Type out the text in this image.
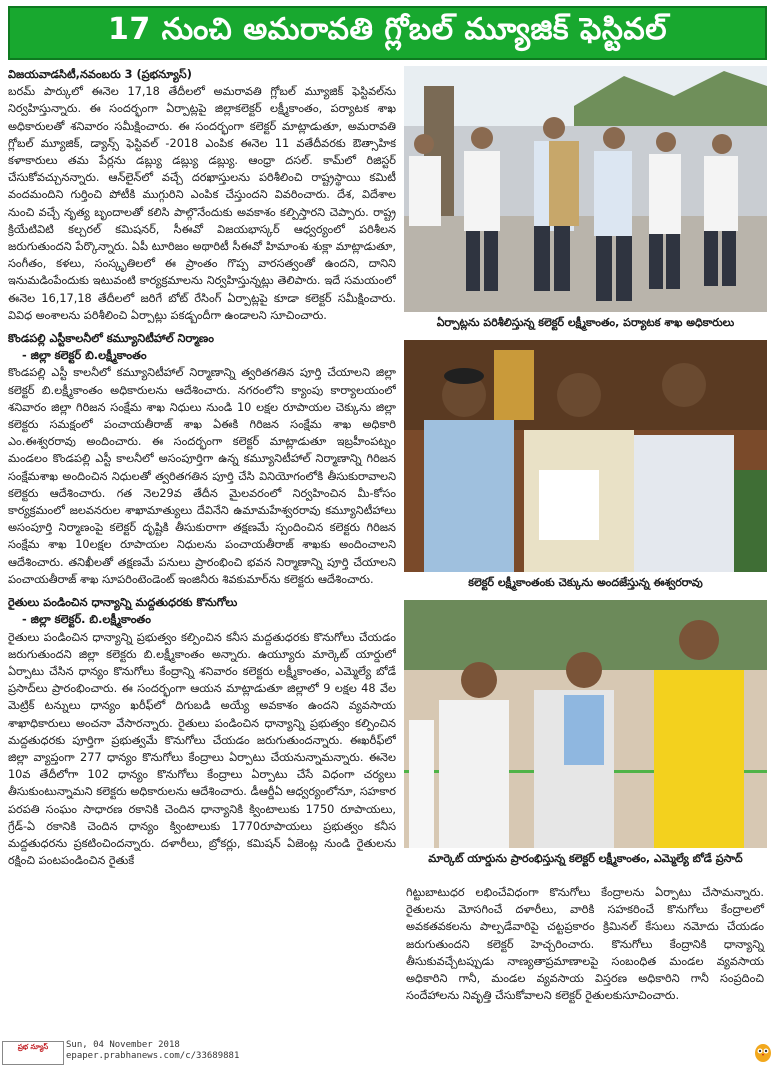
17 నుంచి అమరావతి గ్లోబల్ మ్యూజిక్ ఫెస్టివల్

విజయవాడసిటీ,నవంబరు 3 (ప్రభన్యూస్)

బరమ్ పార్కులో ఈనెల 17,18 తేదీలలో అమరావతి గ్లోబల్ మ్యూజిక్ ఫెస్టివల్‌ను నిర్వహిస్తున్నారు. ఈ సందర్భంగా ఏర్పాట్లపై జిల్లాకలెక్టర్ లక్ష్మీకాంతం, పర్యాటక శాఖ అధికారులతో శనివారం సమీక్షించారు. ఈ సందర్భంగా కలెక్టర్ మాట్లాడుతూ, అమరావతి గ్లోబల్ మ్యూజిక్, డ్యాన్స్ ఫెస్టివల్ -2018 ఎంపిక ఈనెల 11 వతేదీవరకు ఔత్సాహిక కళాకారులు తమ పేర్లను డబ్ల్యు డబ్ల్యు డబ్ల్యు. ఆంధ్రా దసల్. కామ్‌లో రిజిస్టర్ చేసుకోవచ్చునన్నారు. ఆన్‌లైన్‌లో వచ్చే దరఖాస్తులను పరిశీలించి రాష్ట్రస్థాయి కమిటీ వందమందిని గుర్తించి పోటీకి ముగ్గురిని ఎంపిక చేస్తుందని వివరించారు. దేశ, విదేశాల నుంచి వచ్చే నృత్య బృందాలతో కలిసి పాల్గొనేందుకు అవకాశం కల్పిస్తారని చెప్పారు. రాష్ట్ర క్రియేటివిటి కల్చరల్ కమిషనర్, సీఈవో విజయభాస్కర్ ఆధ్వర్యంలో పరిశీలన జరుగుతుందని పేర్కొన్నారు. ఏపీ టూరిజం అథారిటీ సీఈవో హిమాంశు శుక్లా మాట్లాడుతూ, సంగీతం, కళలు, సంస్కృతిలలో ఈ ప్రాంతం గొప్ప వారసత్వంతో ఉందని, దానిని ఇనుమడింపేందుకు ఇటువంటి కార్యక్రమాలను నిర్వహిస్తున్నట్లు తెలిపారు. ఇదే సమయంలో ఈనెల 16,17,18 తేదీలలో జరిగే బోట్ రేసింగ్ ఏర్పాట్లపై కూడా కలెక్టర్ సమీక్షించారు. వివిధ అంశాలను పరిశీలించి ఏర్పాట్లు పకడ్బందీగా ఉండాలని సూచించారు.

కొండపల్లి ఎస్టీకాలనీలో కమ్యూనిటీహాల్ నిర్మాణం

- జిల్లా కలెక్టర్ బి.లక్ష్మీకాంతం

కొండపల్లి ఎస్టీ కాలనీలో కమ్యూనిటీహాల్ నిర్మాణాన్ని త్వరితగతిన పూర్తి చేయాలని జిల్లా కలెక్టర్ బి.లక్ష్మీకాంతం అధికారులను ఆదేశించారు. నగరంలోని క్యాంపు కార్యాలయంలో శనివారం జిల్లా గిరిజన సంక్షేమ శాఖ నిధులు నుండి 10 లక్షల రూపాయల చెక్కును జిల్లా కలెక్టరు సమక్షంలో పంచాయతీరాజ్ శాఖ ఏఈకి గిరిజన సంక్షేమ శాఖ అధికారి ఎం.ఈశ్వరరావు అందించారు. ఈ సందర్భంగా కలెక్టర్ మాట్లాడుతూ ఇబ్రహీంపట్నం మండలం కొండపల్లి ఎస్టీ కాలనీలో అసంపూర్తిగా ఉన్న కమ్యూనిటీహాల్ నిర్మాణాన్ని గిరిజన సంక్షేమశాఖ అందించిన నిధులతో త్వరితగతిన పూర్తి చేసి వినియోగంలోకి తీసుకురావాలని కలెక్టరు ఆదేశించారు. గత నెల29వ తేదీన మైలవరంలో నిర్వహించిన మీ-కోసం కార్యక్రమంలో జలవనరుల శాఖామాత్యులు దేవినేని ఉమామహేశ్వరరావు కమ్యూనిటీహాలు అసంపూర్తి నిర్మాణంపై కలెక్టర్ దృష్టికి తీసుకురాగా తక్షణమే స్పందించిన కలెక్టరు గిరిజన సంక్షేమ శాఖ 10లక్షల రూపాయల నిధులను పంచాయతీరాజ్ శాఖకు అందించాలని ఆదేశించారు. తనిఖీలతో తక్షణమే పనులు ప్రారంభించి భవన నిర్మాణాన్ని పూర్తి చేయాలని పంచాయతీరాజ్ శాఖ సూపరింటెండెంట్ ఇంజినీరు శివకుమార్‌ను కలెక్టరు ఆదేశించారు.

రైతులు పండించిన ధాన్యాన్ని మద్దతుధరకు కొనుగోలు

- జిల్లా కలెక్టర్. బి.లక్ష్మీకాంతం

రైతులు పండించిన ధాన్యాన్ని ప్రభుత్వం కల్పించిన కనీస మద్దతుధరకు కొనుగోలు చేయడం జరుగుతుందని జిల్లా కలెక్టరు బి.లక్ష్మీకాంతం అన్నారు. ఉయ్యూరు మార్కెట్ యార్డులో ఏర్పాటు చేసిన ధాన్యం కొనుగోలు కేంద్రాన్ని శనివారం కలెక్టరు లక్ష్మీకాంతం, ఎమ్మెల్యే బోడే ప్రసాద్‌లు ప్రారంభించారు. ఈ సందర్భంగా ఆయన మాట్లాడుతూ జిల్లాలో 9 లక్షల 48 వేల మెట్రిక్ టన్నులు ధాన్యం ఖరీఫ్‌లో దిగుబడి అయ్యే అవకాశం ఉందని వ్యవసాయ శాఖాధికారులు అంచనా వేసారన్నారు. రైతులు పండించిన ధాన్యాన్ని ప్రభుత్వం కల్పించిన మద్దతుధరకు పూర్తిగా ప్రభుత్వమే కొనుగోలు చేయడం జరుగుతుందన్నారు. ఈఖరీఫ్‌లో జిల్లా వ్యాప్తంగా 277 ధాన్యం కొనుగోలు కేంద్రాలు ఏర్పాటు చేయనున్నామన్నారు. ఈనెల 10వ తేదీలోగా 102 ధాన్యం కొనుగోలు కేంద్రాలు ఏర్పాటు చేసే విధంగా చర్యలు తీసుకుంటున్నామని కలెక్టరు అధికారులను ఆదేశించారు. డీఆర్డీఏ ఆధ్వర్యంలోనూ, సహకార పరపతి సంఘం సాధారణ రకానికి చెందిన ధాన్యానికి క్వింటాలుకు 1750 రూపాయలు, గ్రేడ్-ఏ రకానికి చెందిన ధాన్యం క్వింటాలుకు 1770రూపాయలు ప్రభుత్వం కనీస మద్దతుధరను ప్రకటించిందన్నారు. దళారీలు, బ్రోకర్లు, కమిషన్ ఏజెంట్ల నుండి రైతులను రక్షించి పంటపండించిన రైతుకే

ఏర్పాట్లను పరిశీలిస్తున్న కలెక్టర్ లక్ష్మీకాంతం, పర్యాటక శాఖ అధికారులు
కలెక్టర్ లక్ష్మీకాంతంకు చెక్కును అందజేస్తున్న ఈశ్వరరావు
మార్కెట్ యార్డును ప్రారంభిస్తున్న కలెక్టర్ లక్ష్మీకాంతం, ఎమ్మెల్యే బోడే ప్రసాద్
గిట్టుబాటుధర లభించేవిధంగా కొనుగోలు కేంద్రాలను ఏర్పాటు చేసామన్నారు. రైతులను మోసగించే దళారీలు, వారికి సహకరించే కొనుగోలు కేంద్రాలలో అవకతవకలను పాల్పడేవారిపై చట్టప్రకారం క్రిమినల్ కేసులు నమోదు చేయడం జరుగుతుందని కలెక్టర్ హెచ్చరించారు. కొనుగోలు కేంద్రానికి ధాన్యాన్ని తీసుకువచ్చేటప్పుడు నాణ్యతాప్రమాణాలపై సంబంధిత మండల వ్యవసాయ అధికారిని గానీ, మండల వ్యవసాయ విస్తరణ అధికారిని గానీ సంప్రదించి సందేహాలను నివృత్తి చేసుకోవాలని కలెక్టర్ రైతులకుసూచించారు.
ప్రభ న్యూస్	Sun, 04 November 2018
epaper.prabhanews.com/c/33689881
